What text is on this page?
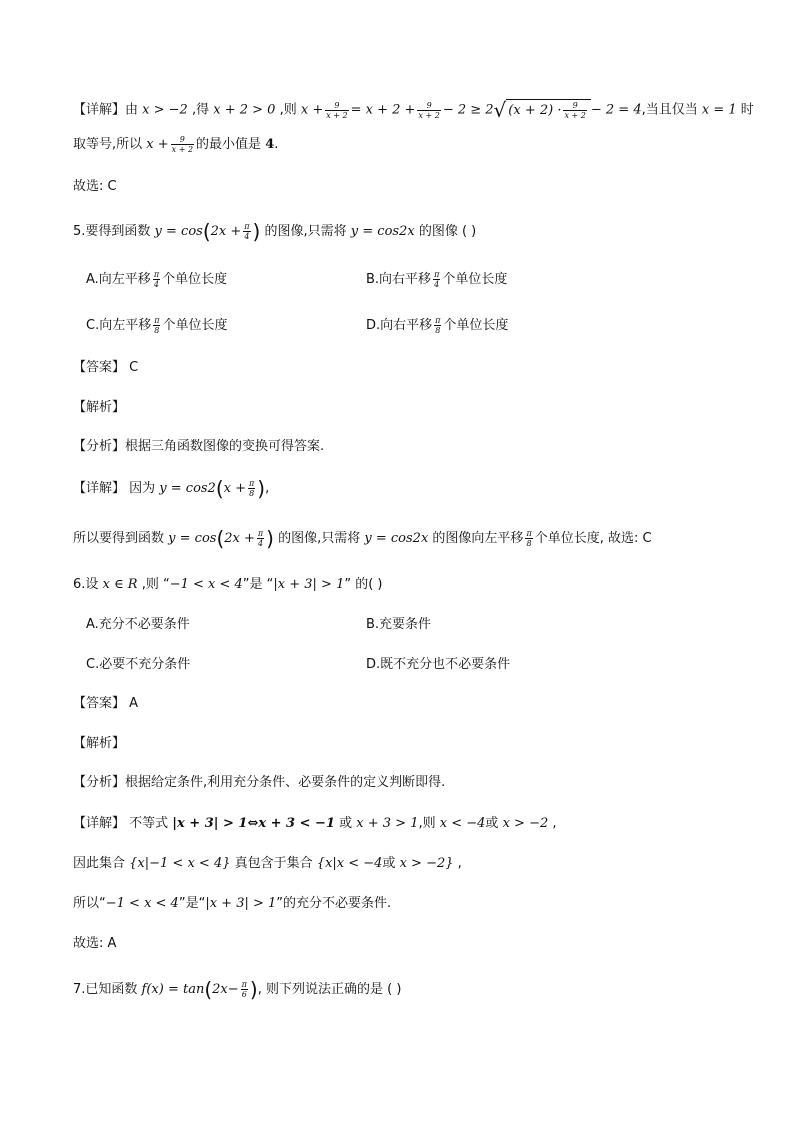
【详解】由 x > −2 ,得 x + 2 > 0 ,则 $x + \frac{9}{x + 2} = x + 2 + \frac{9}{x + 2} - 2 \ge 2√$ $(x + 2) \cdot \frac{9}{x + 2} - 2 = 4$,当且仅当 x = 1 时
取等号,所以 $x + \frac{9}{x + 2}$ 的最小值是 4.
故选: C
5.要得到函数 $y = \cos(2x + \frac{\pi}{4}$ ) 的图像,只需将 y = cos2x 的图像 ( )
A.向左平移 $\frac{\pi}{4}$ 个单位长度	B.向右平移 $\frac{\pi}{4}$ 个单位长度
C.向左平移 $\frac{\pi}{8}$ 个单位长度	D.向右平移 $\frac{\pi}{8}$ 个单位长度
【答案】 C
【解析】
【分析】根据三角函数图像的变换可得答案.
【详解】 因为 $y = \cos 2(x + \frac{\pi}{8}$ ),
所以要得到函数 $y = \cos(2x + \frac{\pi}{4}$ ) 的图像,只需将 y = cos2x 的图像向左平移 $\frac{\pi}{8}$ 个单位长度, 故选: C
6.设 x ∈ R ,则 “−1 < x < 4”是 “|x + 3| > 1” 的( )
A.充分不必要条件	B.充要条件
C.必要不充分条件	D.既不充分也不必要条件
【答案】 A
【解析】
【分析】根据给定条件,利用充分条件、必要条件的定义判断即得.
【详解】 不等式 |x + 3| > 1⇔x + 3 < −1 或 x + 3 > 1,则 x < −4或 x > −2 ,
因此集合 {x|−1 < x < 4} 真包含于集合 {x|x < −4或 x > −2} ,
所以“−1 < x < 4”是“|x + 3| > 1”的充分不必要条件.
故选: A
7.已知函数 $f(x) = \tan(2x- \frac{\pi}{6}$ ), 则下列说法正确的是 ( )
